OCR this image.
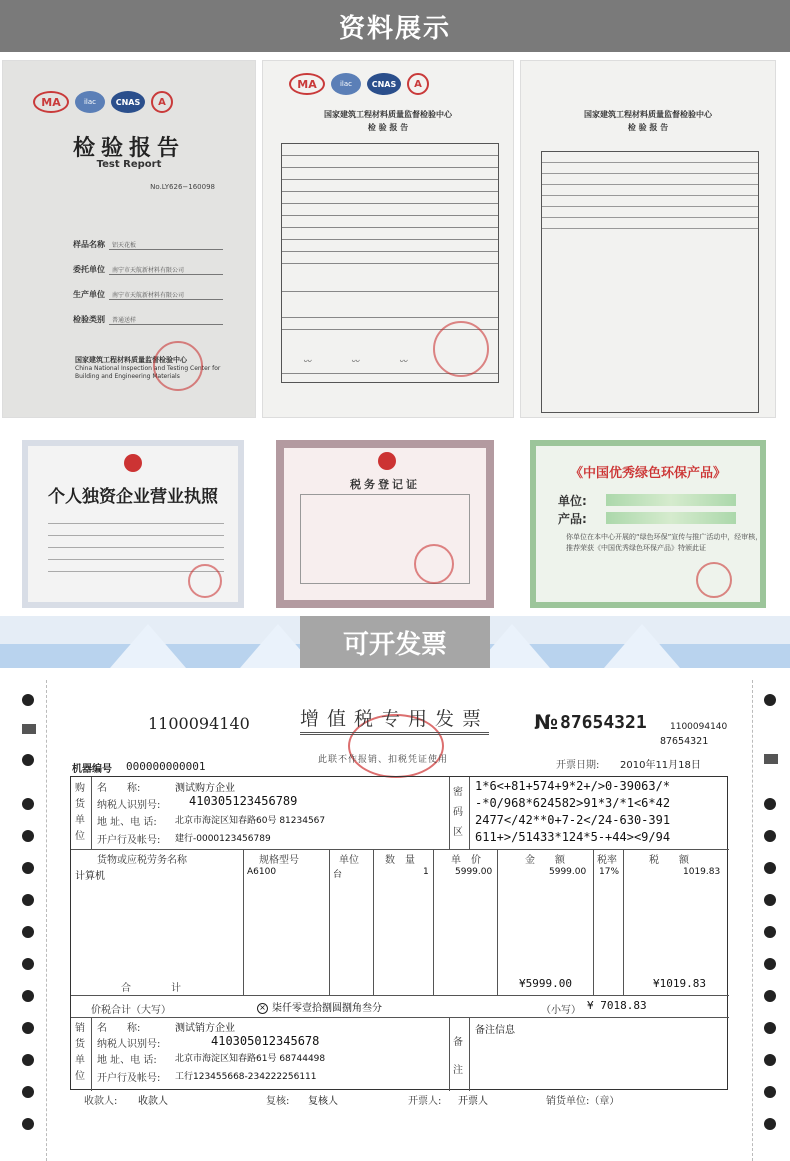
资料展示
MA	ilac	CNAS	A
检验报告
Test Report
No.LY626−160098
样品名称	铝天花板
委托单位	南宁市天航新材料有限公司
生产单位	南宁市天航新材料有限公司
检验类别	普通送样
国家建筑工程材料质量监督检验中心
China National Inspection and Testing Center for Building and Engineering Materials
MA	ilac	CNAS	A
国家建筑工程材料质量监督检验中心
检 验 报 告
〰	〰	〰
国家建筑工程材料质量监督检验中心
检 验 报 告
个人独资企业营业执照
税务登记证
《中国优秀绿色环保产品》
单位:
产品:
你单位在本中心开展的“绿色环保”宣传与推广活动中，经审核，推荐荣获《中国优秀绿色环保产品》特颁此证
可开发票
1100094140	增值税专用发票 № 87654321	1100094140
87654321
此联不作报销、扣税凭证使用
机器编号 000000000001	开票日期: 2010年11月18日
购货单位
名　　称:	测试购方企业
纳税人识别号: 410305123456789
地 址、电 话: 北京市海淀区知春路60号 81234567
开户行及帐号: 建行-0000123456789
密码区
1*6<+81+574+9*2+/>0-39063/*
-*0/968*624582>91*3/*1<6*42
2477</42**0+7-2</24-630-391
611+>/51433*124*5-+44><9/94
货物或应税劳务名称	规格型号	单位	数　量	单　价	金　　额	税率	税　　额
计算机	A6100	台	1	5999.00	5999.00 17%	1019.83
合　　　　计	¥5999.00	¥1019.83
价税合计（大写）	× 柒仟零壹拾捌圆捌角叁分	（小写） ¥ 7018.83
销货单位
名　　称:	测试销方企业
纳税人识别号:	410305012345678
地 址、电 话: 北京市海淀区知春路61号 68744498
开户行及帐号: 工行123455668-234222256111
备注
备注信息
收款人: 收款人	复核: 复核人	开票人: 开票人	销货单位:（章）
